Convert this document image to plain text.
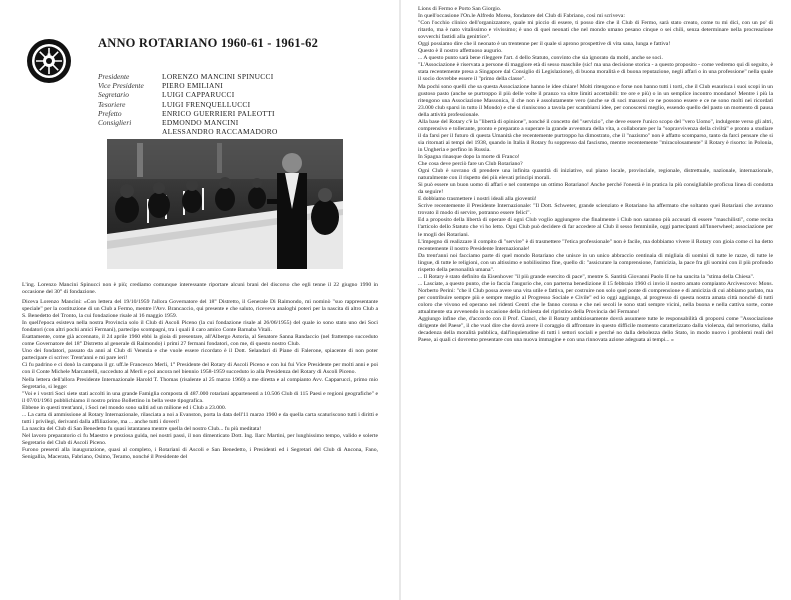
ANNO ROTARIANO 1960-61 - 1961-62
Presidente	LORENZO MANCINI SPINUCCI
Vice Presidente	PIERO EMILIANI
Segretario	LUIGI CAPPARUCCI
Tesoriere	LUIGI FRENQUELLUCCI
Prefetto	ENRICO GUERRIERI PALEOTTI
Consiglieri	EDMONDO MANCINI
ALESSANDRO RACCAMADORO
L'ing. Lorenzo Mancini Spinucci non è più; crediamo comunque interessante riportare alcuni brani del discorso che egli tenne il 22 giugno 1990 in occasione del 30° di fondazione.

Diceva Lorenzo Mancini: «Con lettera del 19/10/1959 l'allora Governatore del 18° Distretto, il Generale Di Raimondo, mi nominò "suo rappresentante speciale" per la costituzione di un Club a Fermo, mentre l'Avv. Brancaccio, qui presente e che saluto, riceveva analoghi poteri per la nascita di altro Club a S. Benedetto del Tronto, la cui fondazione risale al 16 maggio 1959.

In quell'epoca esisteva nella nostra Provincia solo il Club di Ascoli Piceno (la cui fondazione risale al 26/06/1955) del quale io sono stato uno dei Soci fondatori (con altri pochi amici Fermani), partecipo scompagni, tra i quali il caro amico Conte Barnaba Vitali.

Esattamente, come già accennato, il 24 aprile 1960 ebbi la gioia di presentare, all'Albergo Astoria, al Senatore Sanna Randaccio (nel frattempo succeduto come Governatore del 18° Distretto al generale di Raimondo) i primi 27 fermani fondatori, con me, di questo nostro Club.

Uno dei fondatori, passato da anni al Club di Venezia e che vuole essere ricordato è il Dott. Selandari di Piane di Falerone, spiacente di non poter partecipare ci scrive: Trent'anni e mi pare ieri!

Ci fu padrino e ci donò la campana il gr. uff.le Francesco Merli, 1° Presidente del Rotary di Ascoli Piceno e con lui fui Vice Presidente per molti anni e poi con il Conte Michele Marcantelli, succeduto al Merli e poi ancora nel biennio 1958-1959 succeduto io alla Presidenza del Rotary di Ascoli Piceno.

Nella lettera dell'allora Presidente Internazionale Harold T. Thomas (risalente al 25 marzo 1960) a me diretta e al compianto Avv. Capparucci, primo mio Segretario, si legge:

"Voi e i vostri Soci siete stati accolti in una grande Famiglia composta di 487.000 rotariani appartenenti a 10.506 Club di 115 Paesi e regioni geografiche" e il 07/01/1961 pubblichiamo il nostro primo Bollettino in bella veste tipografica.

Ebbene in questi trent'anni, i Soci nel mondo sono saliti ad un milione ed i Club a 23.000.

... La carta di ammissione al Rotary Internazionale, rilasciata a noi a Evanston, porta la data dell'11 marzo 1960 e da quella carta scaturiscono tutti i diritti e tutti i privilegi, derivanti dalla affiliazione, ma ... anche tutti i doveri!

La nascita del Club di San Benedetto fu quasi istantanea mentre quella del nostro Club... fu più meditata!

Nel lavoro preparatorio ci fu Maestro e preziosa guida, nei nostri passi, il non dimenticato Dott. Ing. Ilarc Martini, per lunghissimo tempo, valido e solerte Segretario del Club di Ascoli Piceno.

Furono presenti alla inaugurazione, quasi al completo, i Rotariani di Ascoli e San Benedetto, i Presidenti ed i Segretari del Club di Ancona, Fano, Senigallia, Macerata, Fabriano, Osimo, Teramo, nonché il Presidente del

Lions di Fermo e Porto San Giorgio.

In quell'occasione l'On.le Alfredo Morea, fondatore del Club di Fabriano, così mi scriveva:

"Con l'occhio clinico dell'organizzatore, quale mi piccio di essere, ti posso dire che il Club di Fermo, sarà stato creato, come tu mi dici, con un po' di ritardo, ma è nato vitalissimo e vivissimo; è uno di quei neonati che nel mondo umano pesano cinque o sei chili, senza determinare nella procreazione sovverchi fastidi alla genitrice".

Oggi possiamo dire che il neonato è un trentenne per il quale si aprono prospettive di vita sana, lunga e fattiva!

Questo è il nostro affettuoso augurio.

... A questo punto sarà bene rileggere l'art. 4 dello Statuto, convinto che sia ignorato da molti, anche se soci.

"L'Associazione è riservata a persone di maggiore età di sesso maschile (sic! ma una decisione storica - a questo proposito - come vedremo qui di seguito, è stata recentemente presa a Singapore dal Consiglio di Legislazione), di buona moralità e di buona reputazione, negli affari o in una professione" nella quale il socio dovrebbe essere il "primo della classe".

Ma pochi sono quelli che sa questa Associazione hanno le idee chiare! Molti ritengono e forse non hanno tutti i torti, che il Club esaurisca i suoi scopi in un gustoso pasto (anche se purtroppo il più delle volte il pranzo va oltre limiti accettabili: tre ore e più) o in un semplice incontro mondano! Mentre i più la ritengono una Associazione Massonica, il che non è assolutamente vero (anche se di soci massoni ce ne possono essere e ce ne sono molti nei ricordati 23.000 club sparsi in tutto il Mondo) e che si riuniscono a tavola per scambiarsi idee, per conoscersi meglio, essendo quello del pasto un momento di pausa della attività professionale.

Alla base del Rotary c'è la "libertà di opinione", nonché il concetto del "servizio", che deve essere l'unico scopo del "vero Uomo", indulgente verso gli altri, comprensivo e tollerante, pronto e preparato a superare la grande avventura della vita, a collaborare per la "sopravvivenza della civiltà" e pronto a studiare il da farsi per il futuro di questa Umanità che recentemente purtroppo ha dimostrato, che il "nazismo" non è affatto scomparso, tanto da farci pensare che si sia ritornati ai tempi del 1938, quando in Italia il Rotary fu soppresso dal fascismo, mentre recentemente "miracolosamente" il Rotary è risorto: in Polonia, in Ungheria e perfino in Russia.

In Spagna rinasque dopo la morte di Franco!

Che cosa deve perciò fare un Club Rotariano?

Ogni Club è sovrano di prendere una infinita quantità di iniziative, sul piano locale, provinciale, regionale, distrettuale, nazionale, internazionale, naturalmente con il rispetto dei più elevati principi morali.

Si può essere un buon uomo di affari e nel contempo un ottimo Rotariano! Anche perché l'onestà è in pratica la più consigliabile proficua linea di condotta da seguire!

E dobbiamo trasmettere i nostri ideali alla gioventù!

Scrive recentemente il Presidente Internazionale: "Il Dott. Schweter, grande scienziato e Rotariano ha affermato che soltanto quei Rotariani che avranno trovato il modo di servire, potranno essere felici".

Ed a proposito della libertà di operare di ogni Club voglio aggiungere che finalmente i Club non saranno più accusati di essere "maschilisti", come recita l'articolo dello Statuto che vi ho letto. Ogni Club può decidere di far accedere al Club il sesso femminile, oggi partecipanti all'Innerwheel; associazione per le mogli dei Rotariani.

L'impegno di realizzare il compito di "servire" è di trasmettere "l'etica professionale" non è facile, ma dobbiamo vivere il Rotary con gioia come ci ha detto recentemente il nostro Presidente Internazionale!

Da trent'anni noi facciamo parte di quel mondo Rotariano che unisce in un unico abbraccio centinaia di migliaia di uomini di tutte le razze, di tutte le lingue, di tutte le religioni, con un altissimo e nobilissimo fine, quello di: "assicurare la comprensione, l'amicizia, la pace fra gli uomini con il più profondo rispetto della personalità umana".

... Il Rotary è stato definito da Eisenhover "il più grande esercito di pace", mentre S. Santità Giovanni Paolo II ne ha sancita la "stima della Chiesa".

... Lasciate, a questo punto, che io faccia l'augurio che, con parterna benedizione il 15 febbraio 1960 ci invio il nostro amato compianto Arcivescovo: Mons. Norberto Perini: "che il Club possa avere una vita utile e fattiva, per costruire non solo quel ponte di comprensione e di amicizia di cui abbiamo parlato, ma per contribuire sempre più e sempre meglio al Progresso Sociale e Civile" ed io oggi aggiungo, al progresso di questa nostra amata città nonché di tutti coloro che vivono ed operano nei ridenti Centri che le fanno corona e che nei secoli le sono stati sempre vicini, nella buona e nella cattiva sorte, come attualmente sta avvenendo in occasione della richiesta del ripristino della Provincia del Fermano!

Aggiungo infine che, d'accordo con il Prof. Cianci, che il Rotary ambiziosamente dovrà assumere tutte le responsabilità di proporsi come "Associazione dirigente del Paese", il che vuol dire che dovrà avere il coraggio di affrontare in questo difficile momento caratterizzato dalla violenza, dal terrorismo, dalla decadenza della moralità pubblica, dall'inquietudine di tutti i settori sociali e perché no dalla debolezza dello Stato, in modo nuovo i problemi reali del Paese, ai quali ci dovremo presentare con una nuova immagine e con una rinnovata azione adeguata ai tempi... »
